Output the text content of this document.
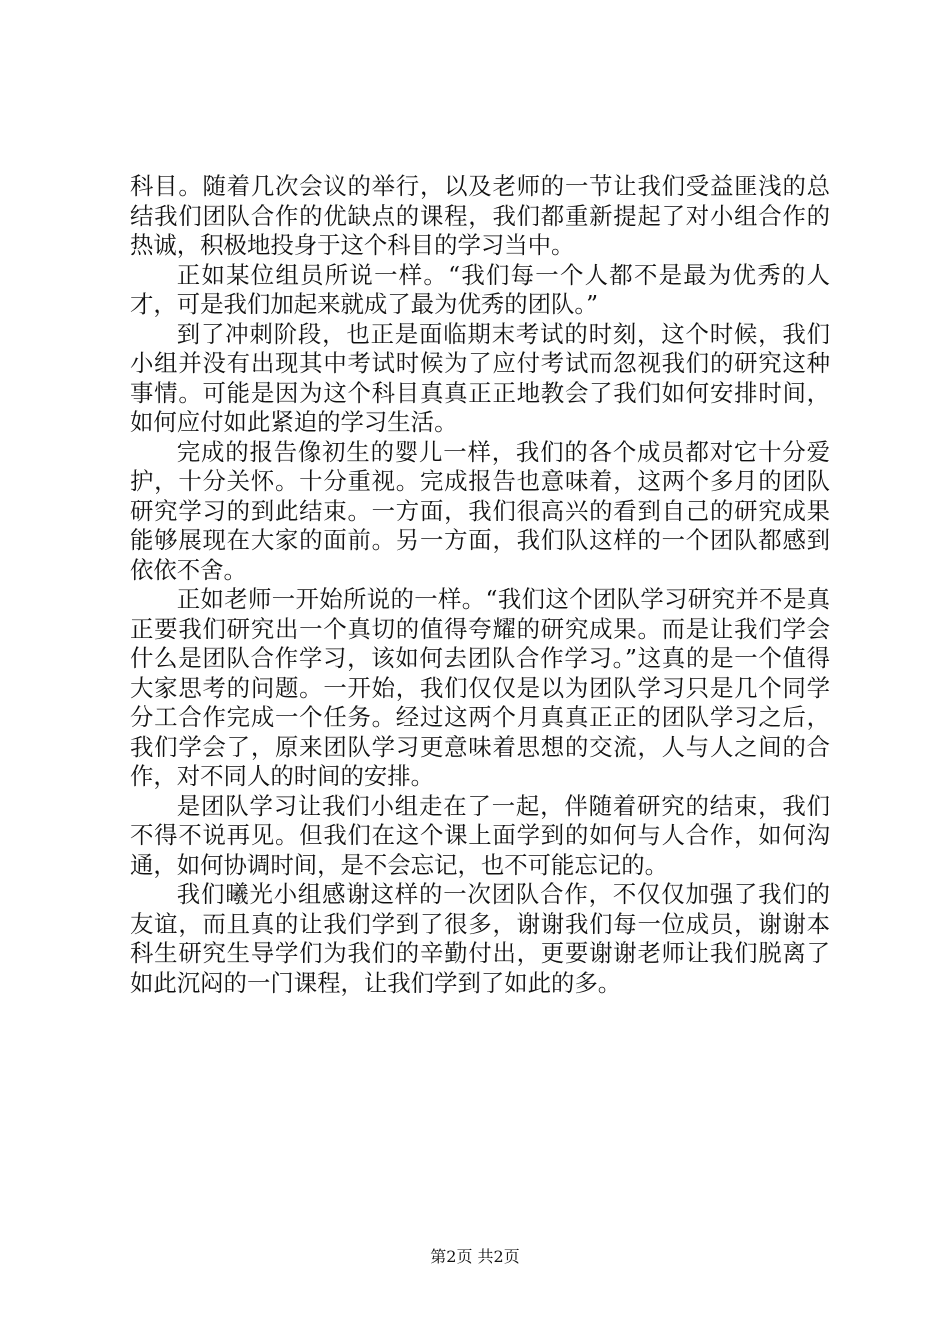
科目。随着几次会议的举行，以及老师的一节让我们受益匪浅的总结我们团队合作的优缺点的课程，我们都重新提起了对小组合作的热诚，积极地投身于这个科目的学习当中。

正如某位组员所说一样。“我们每一个人都不是最为优秀的人才，可是我们加起来就成了最为优秀的团队。”

到了冲刺阶段，也正是面临期末考试的时刻，这个时候，我们小组并没有出现其中考试时候为了应付考试而忽视我们的研究这种事情。可能是因为这个科目真真正正地教会了我们如何安排时间，如何应付如此紧迫的学习生活。

完成的报告像初生的婴儿一样，我们的各个成员都对它十分爱护，十分关怀。十分重视。完成报告也意味着，这两个多月的团队研究学习的到此结束。一方面，我们很高兴的看到自己的研究成果能够展现在大家的面前。另一方面，我们队这样的一个团队都感到依依不舍。

正如老师一开始所说的一样。“我们这个团队学习研究并不是真正要我们研究出一个真切的值得夸耀的研究成果。而是让我们学会什么是团队合作学习，该如何去团队合作学习。”这真的是一个值得大家思考的问题。一开始，我们仅仅是以为团队学习只是几个同学分工合作完成一个任务。经过这两个月真真正正的团队学习之后，我们学会了，原来团队学习更意味着思想的交流，人与人之间的合作，对不同人的时间的安排。

是团队学习让我们小组走在了一起，伴随着研究的结束，我们不得不说再见。但我们在这个课上面学到的如何与人合作，如何沟通，如何协调时间，是不会忘记，也不可能忘记的。

我们曦光小组感谢这样的一次团队合作，不仅仅加强了我们的友谊，而且真的让我们学到了很多，谢谢我们每一位成员，谢谢本科生研究生导学们为我们的辛勤付出，更要谢谢老师让我们脱离了如此沉闷的一门课程，让我们学到了如此的多。

第2页 共2页
